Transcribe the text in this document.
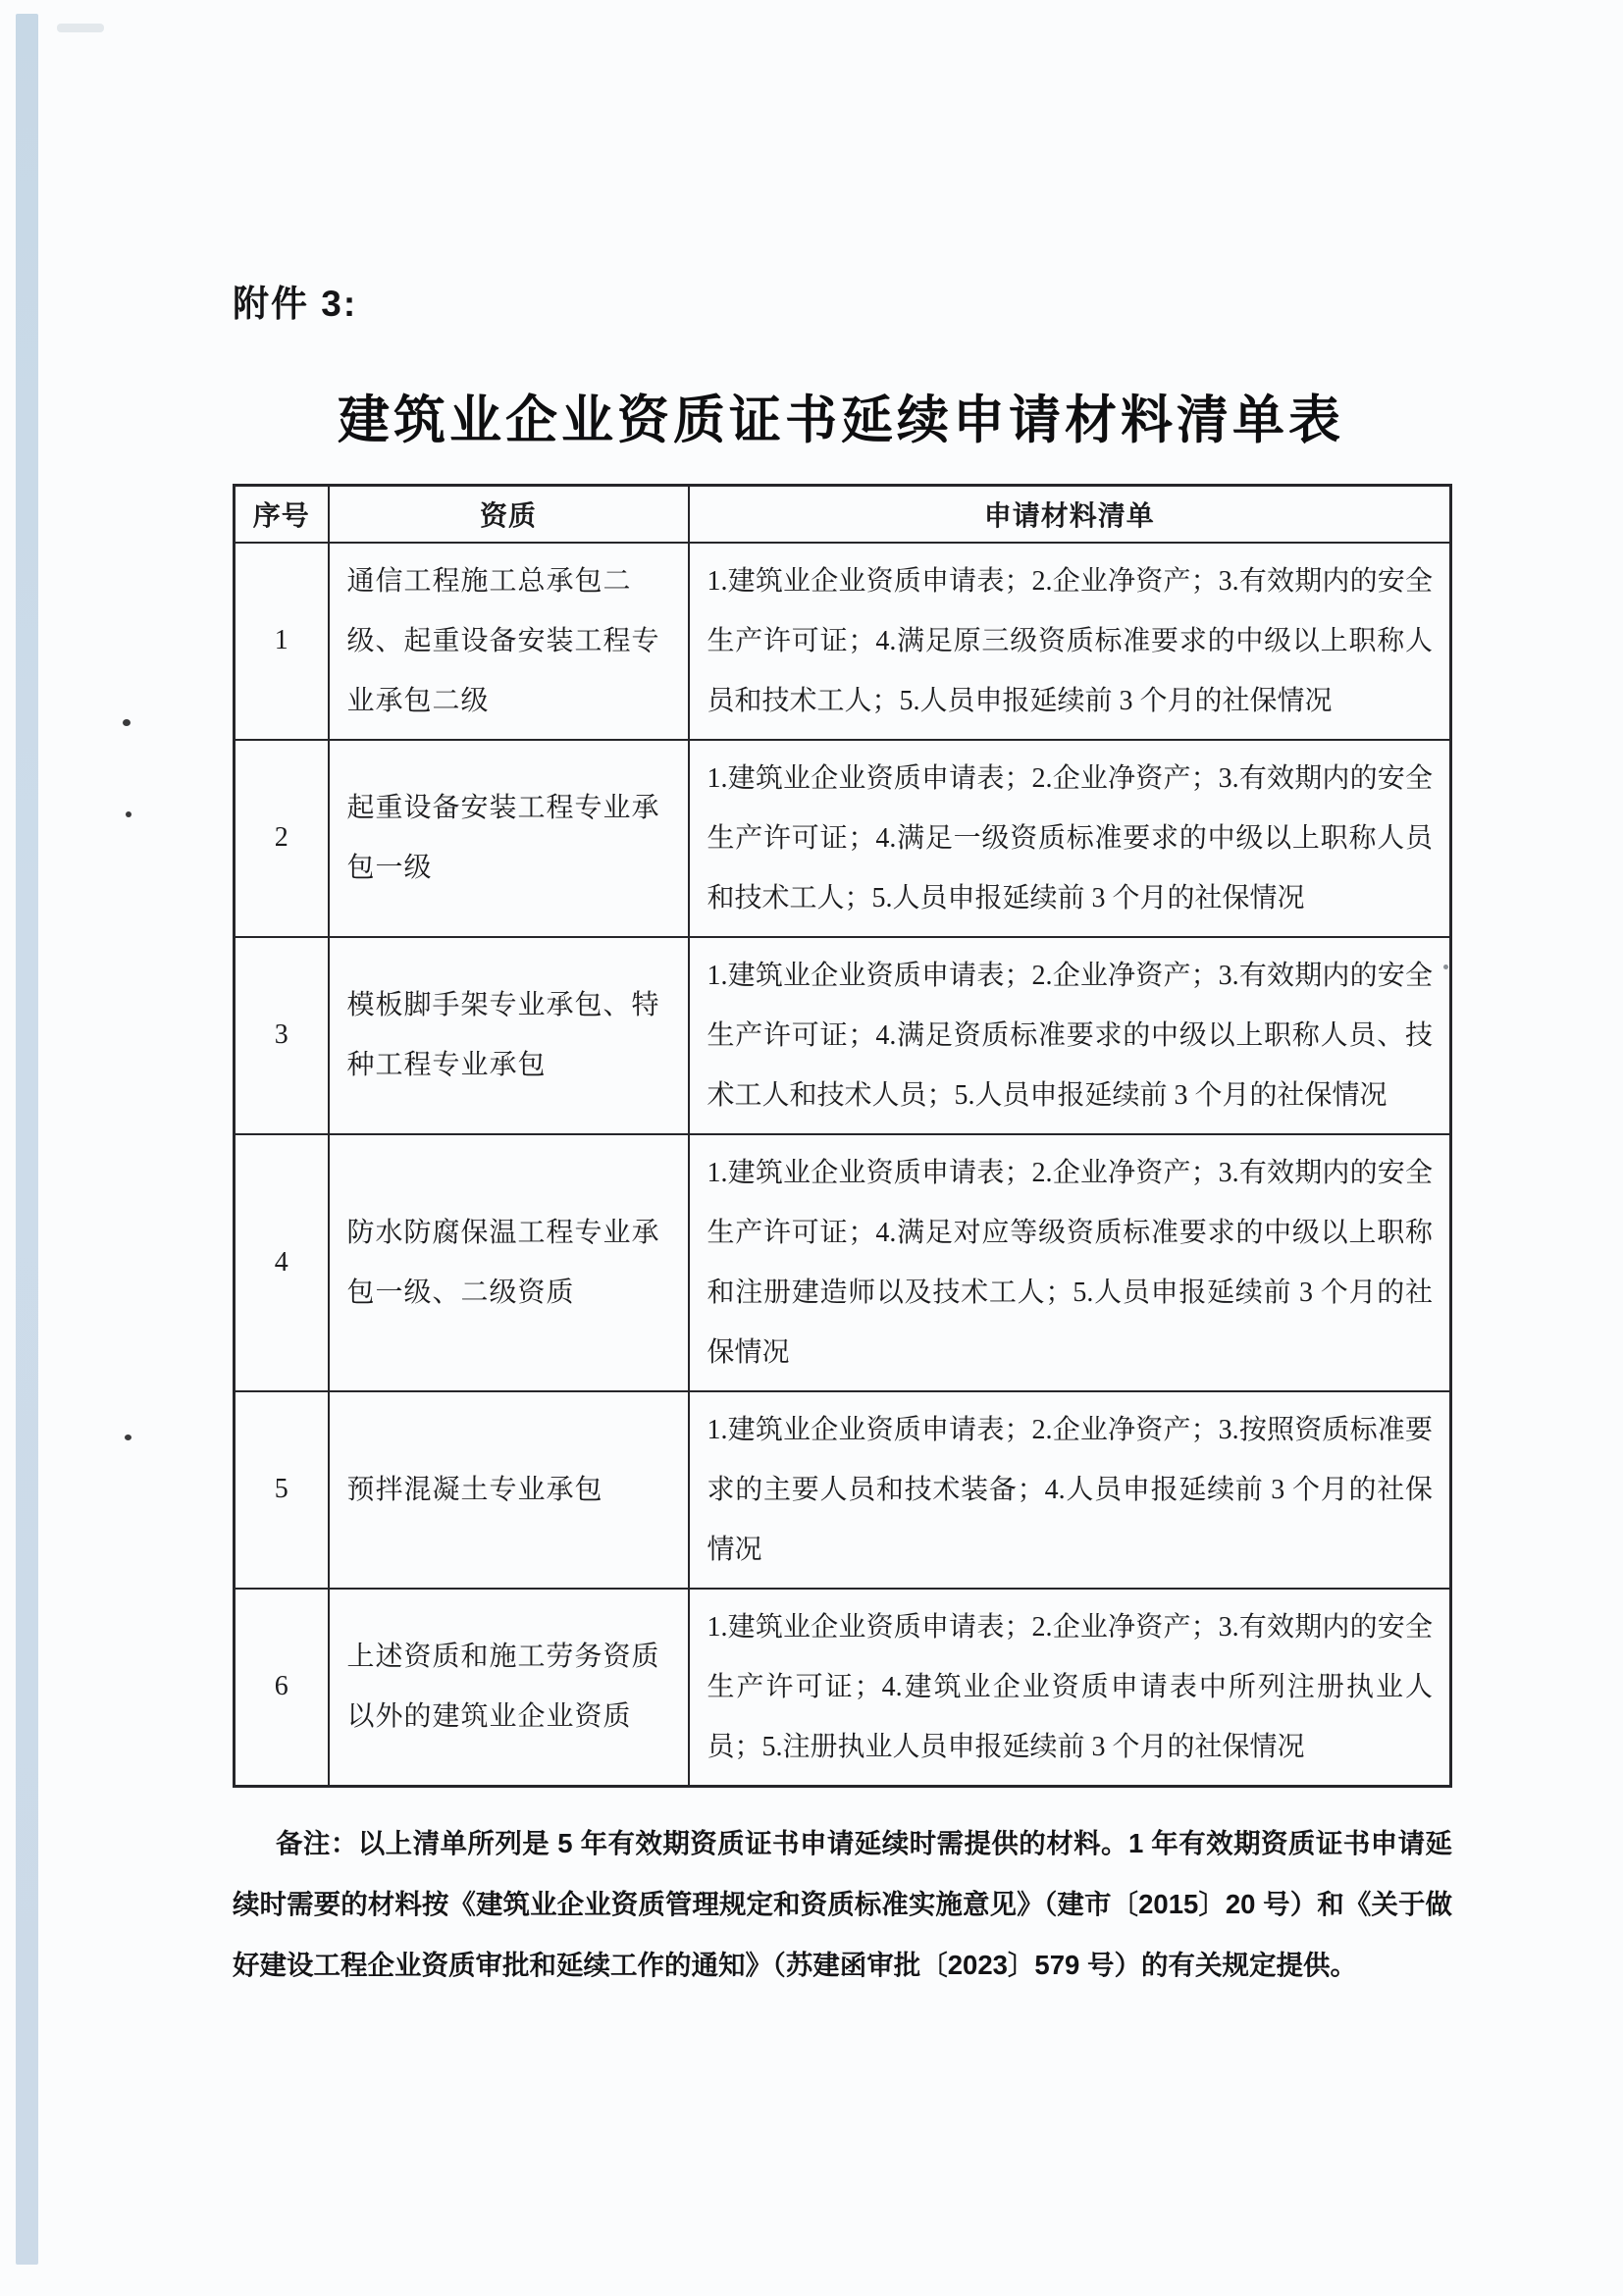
附件 3:
建筑业企业资质证书延续申请材料清单表
序号	资质	申请材料清单
1	通信工程施工总承包二级、起重设备安装工程专业承包二级	1.建筑业企业资质申请表；2.企业净资产；3.有效期内的安全生产许可证；4.满足原三级资质标准要求的中级以上职称人员和技术工人；5.人员申报延续前 3 个月的社保情况
2	起重设备安装工程专业承包一级	1.建筑业企业资质申请表；2.企业净资产；3.有效期内的安全生产许可证；4.满足一级资质标准要求的中级以上职称人员和技术工人；5.人员申报延续前 3 个月的社保情况
3	模板脚手架专业承包、特种工程专业承包	1.建筑业企业资质申请表；2.企业净资产；3.有效期内的安全生产许可证；4.满足资质标准要求的中级以上职称人员、技术工人和技术人员；5.人员申报延续前 3 个月的社保情况
4	防水防腐保温工程专业承包一级、二级资质	1.建筑业企业资质申请表；2.企业净资产；3.有效期内的安全生产许可证；4.满足对应等级资质标准要求的中级以上职称和注册建造师以及技术工人；5.人员申报延续前 3 个月的社保情况
5	预拌混凝土专业承包	1.建筑业企业资质申请表；2.企业净资产；3.按照资质标准要求的主要人员和技术装备；4.人员申报延续前 3 个月的社保情况
6	上述资质和施工劳务资质以外的建筑业企业资质	1.建筑业企业资质申请表；2.企业净资产；3.有效期内的安全生产许可证；4.建筑业企业资质申请表中所列注册执业人员；5.注册执业人员申报延续前 3 个月的社保情况
备注：以上清单所列是 5 年有效期资质证书申请延续时需提供的材料。1 年有效期资质证书申请延续时需要的材料按《建筑业企业资质管理规定和资质标准实施意见》（建市〔2015〕20 号）和《关于做好建设工程企业资质审批和延续工作的通知》（苏建函审批〔2023〕579 号）的有关规定提供。
